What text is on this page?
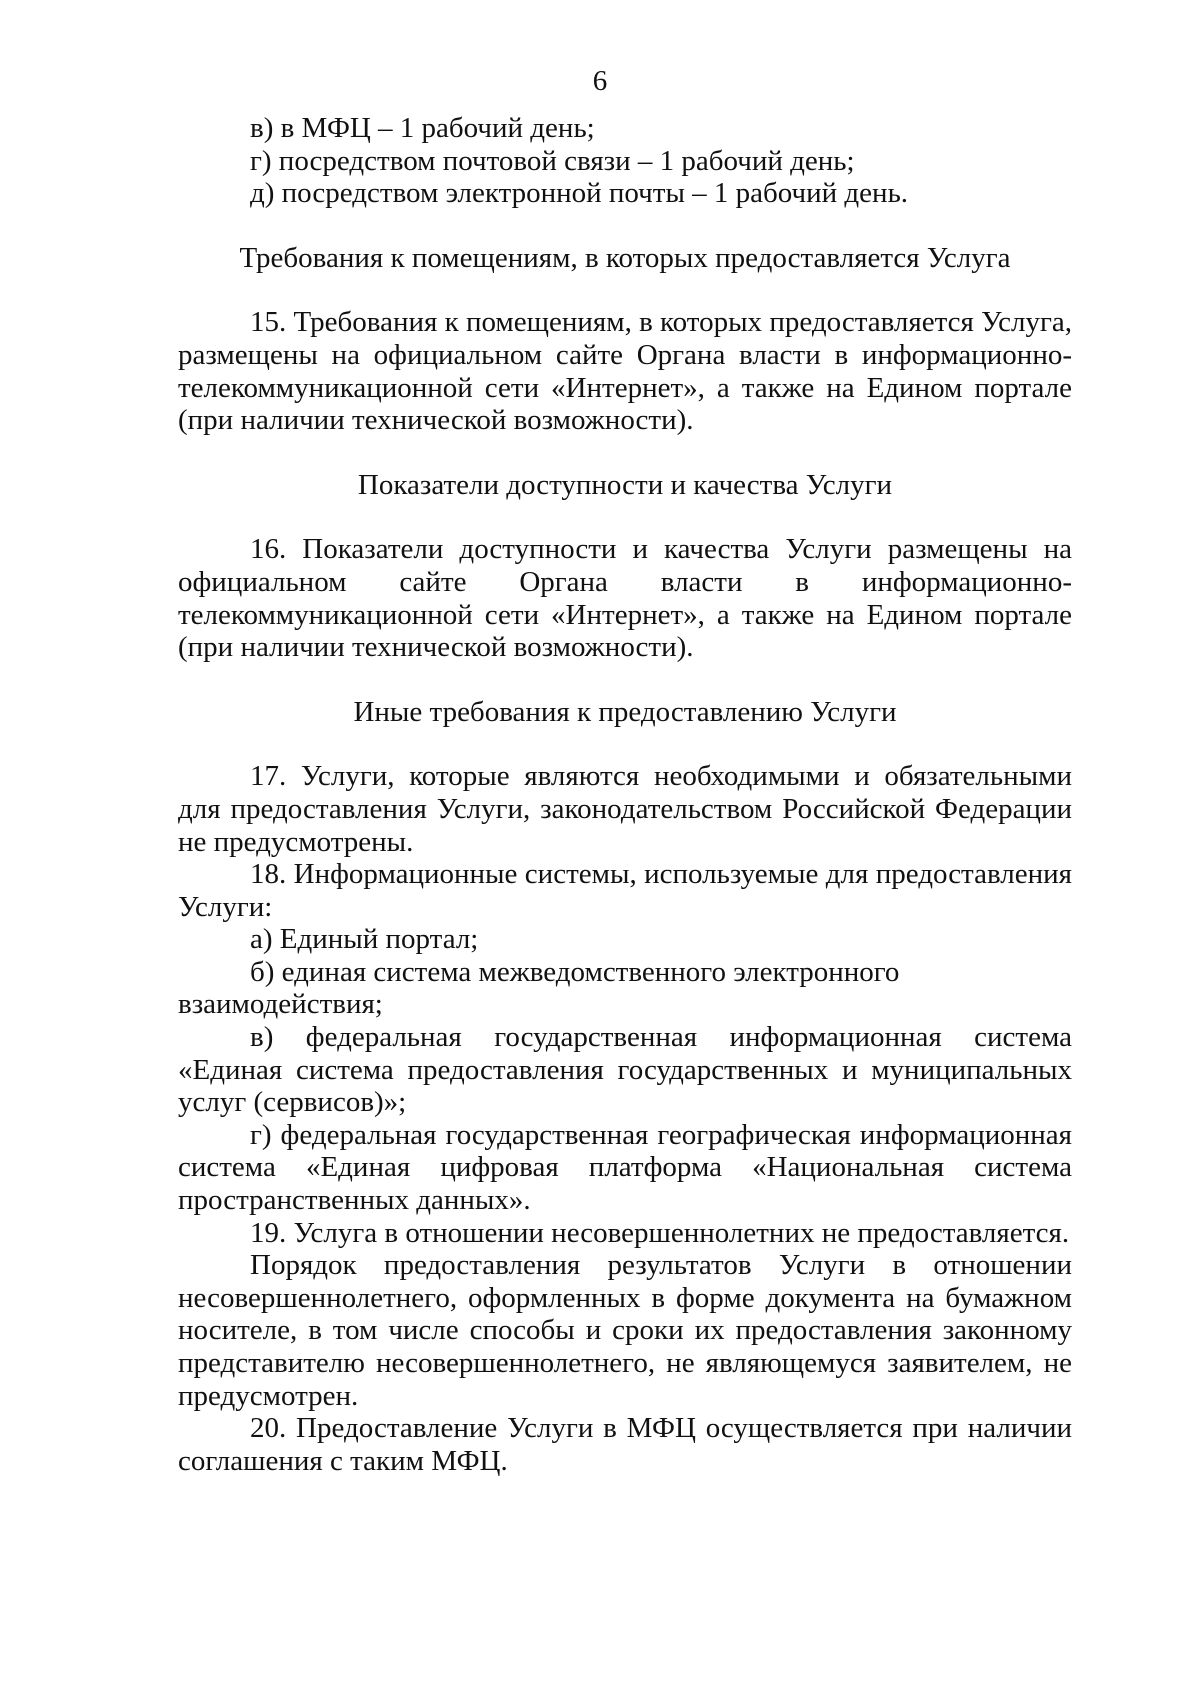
6

в) в МФЦ – 1 рабочий день;

г) посредством почтовой связи – 1 рабочий день;

д) посредством электронной почты – 1 рабочий день.

Требования к помещениям, в которых предоставляется Услуга

15. Требования к помещениям, в которых предоставляется Услуга, размещены на официальном сайте Органа власти в информационно-телекоммуникационной сети «Интернет», а также на Едином портале (при наличии технической возможности).

Показатели доступности и качества Услуги

16. Показатели доступности и качества Услуги размещены на официальном сайте Органа власти в информационно-телекоммуникационной сети «Интернет», а также на Едином портале (при наличии технической возможности).

Иные требования к предоставлению Услуги

17. Услуги, которые являются необходимыми и обязательными для предоставления Услуги, законодательством Российской Федерации не предусмотрены.

18. Информационные системы, используемые для предоставления Услуги:

а) Единый портал;

б) единая система межведомственного электронного взаимодействия;

в) федеральная государственная информационная система «Единая система предоставления государственных и муниципальных услуг (сервисов)»;

г) федеральная государственная географическая информационная система «Единая цифровая платформа «Национальная система пространственных данных».

19. Услуга в отношении несовершеннолетних не предоставляется.

Порядок предоставления результатов Услуги в отношении несовершеннолетнего, оформленных в форме документа на бумажном носителе, в том числе способы и сроки их предоставления законному представителю несовершеннолетнего, не являющемуся заявителем, не предусмотрен.

20. Предоставление Услуги в МФЦ осуществляется при наличии соглашения с таким МФЦ.
